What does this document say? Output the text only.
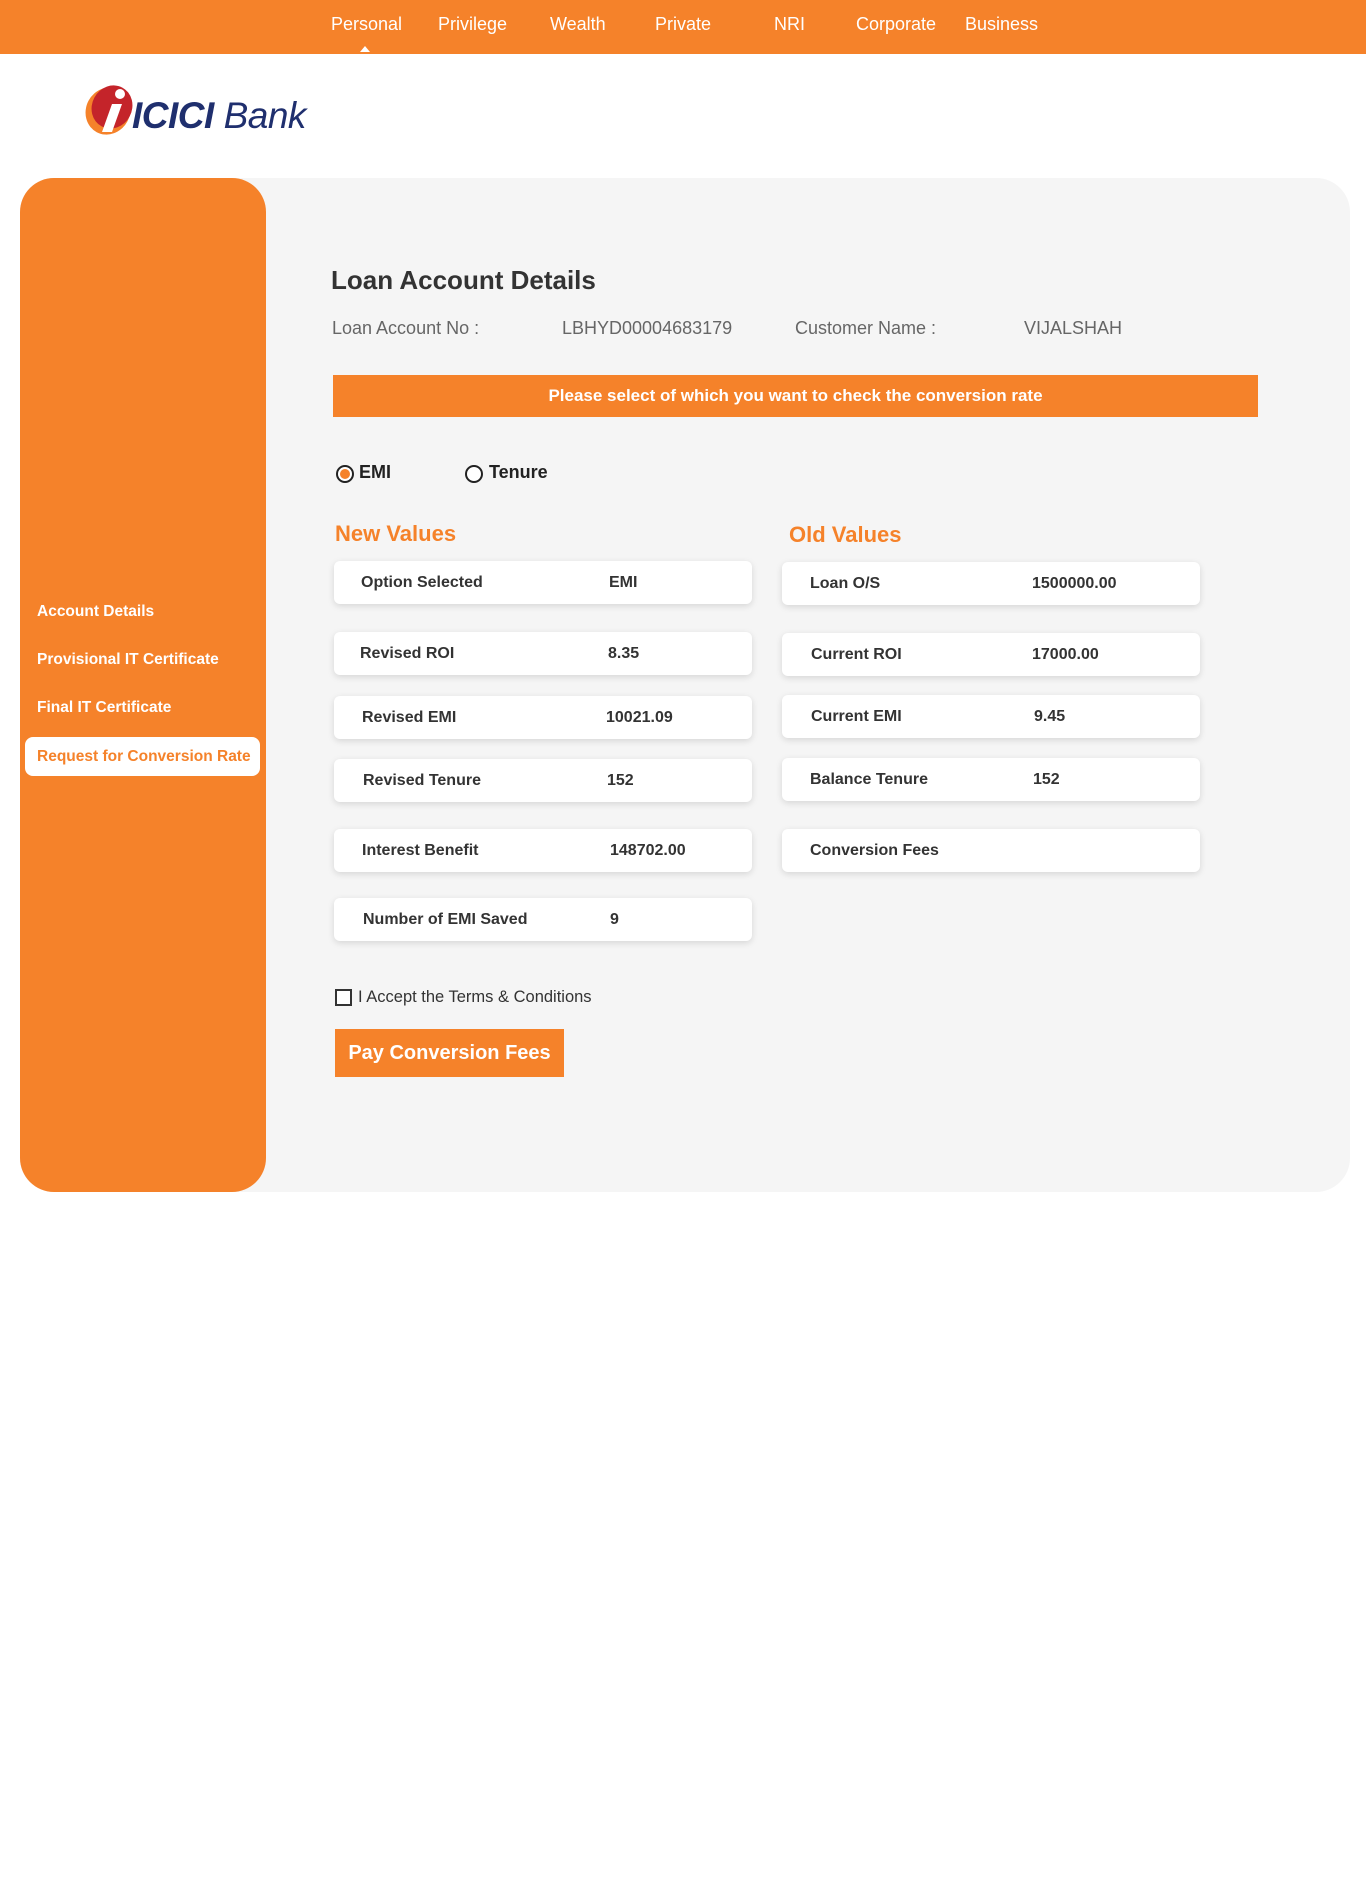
Personal Privilege Wealth	Private	NRI	Corporate Business
ICICI Bank
Account Details
Provisional IT Certificate
Final IT Certificate
Request for Conversion Rate
Loan Account Details
Loan Account No :	LBHYD00004683179	Customer Name :	VIJALSHAH
Please select of which you want to check the conversion rate
EMI	Tenure
New Values	Old Values
Option Selected	EMI
Revised ROI	8.35
Revised EMI	10021.09
Revised Tenure	152
Interest Benefit	148702.00
Number of EMI Saved	9
Loan O/S	1500000.00
Current ROI	17000.00
Current EMI	9.45
Balance Tenure	152
Conversion Fees
I Accept the Terms & Conditions
Pay Conversion Fees
